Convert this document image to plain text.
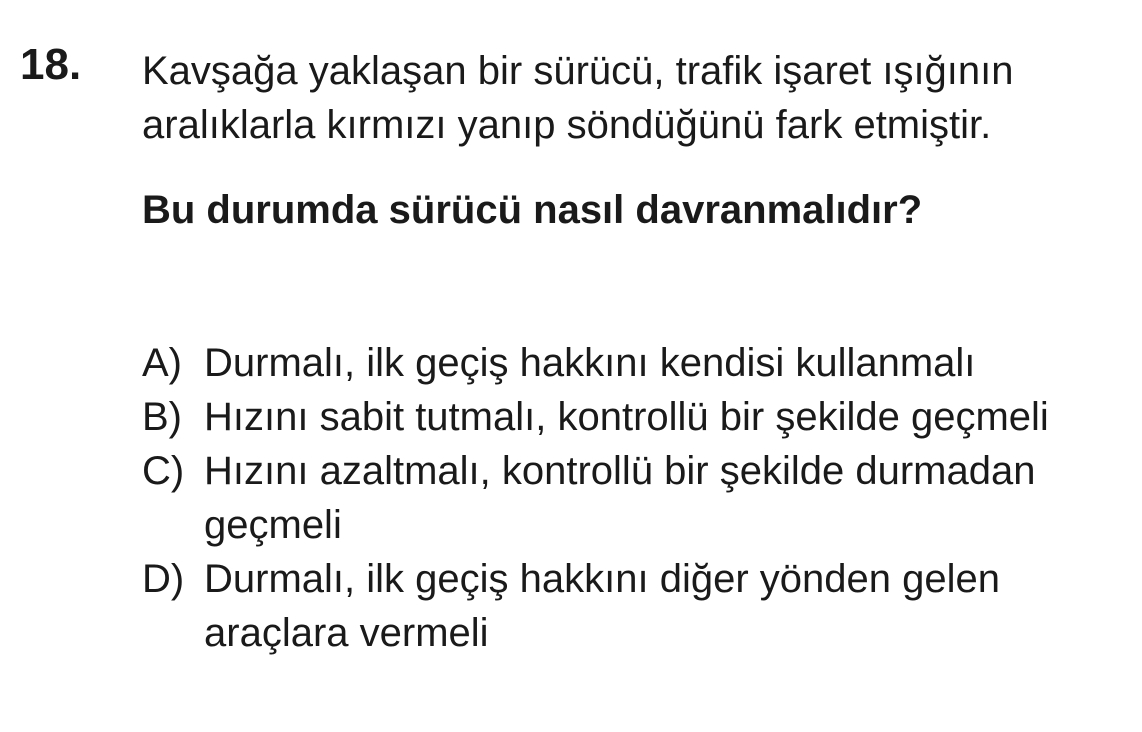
18. Kavşağa yaklaşan bir sürücü, trafik işaret ışığının aralıklarla kırmızı yanıp söndüğünü fark etmiştir.

Bu durumda sürücü nasıl davranmalıdır?

A) Durmalı, ilk geçiş hakkını kendisi kullanmalı
B) Hızını sabit tutmalı, kontrollü bir şekilde geçmeli
C) Hızını azaltmalı, kontrollü bir şekilde durmadan geçmeli
D) Durmalı, ilk geçiş hakkını diğer yönden gelen araçlara vermeli
